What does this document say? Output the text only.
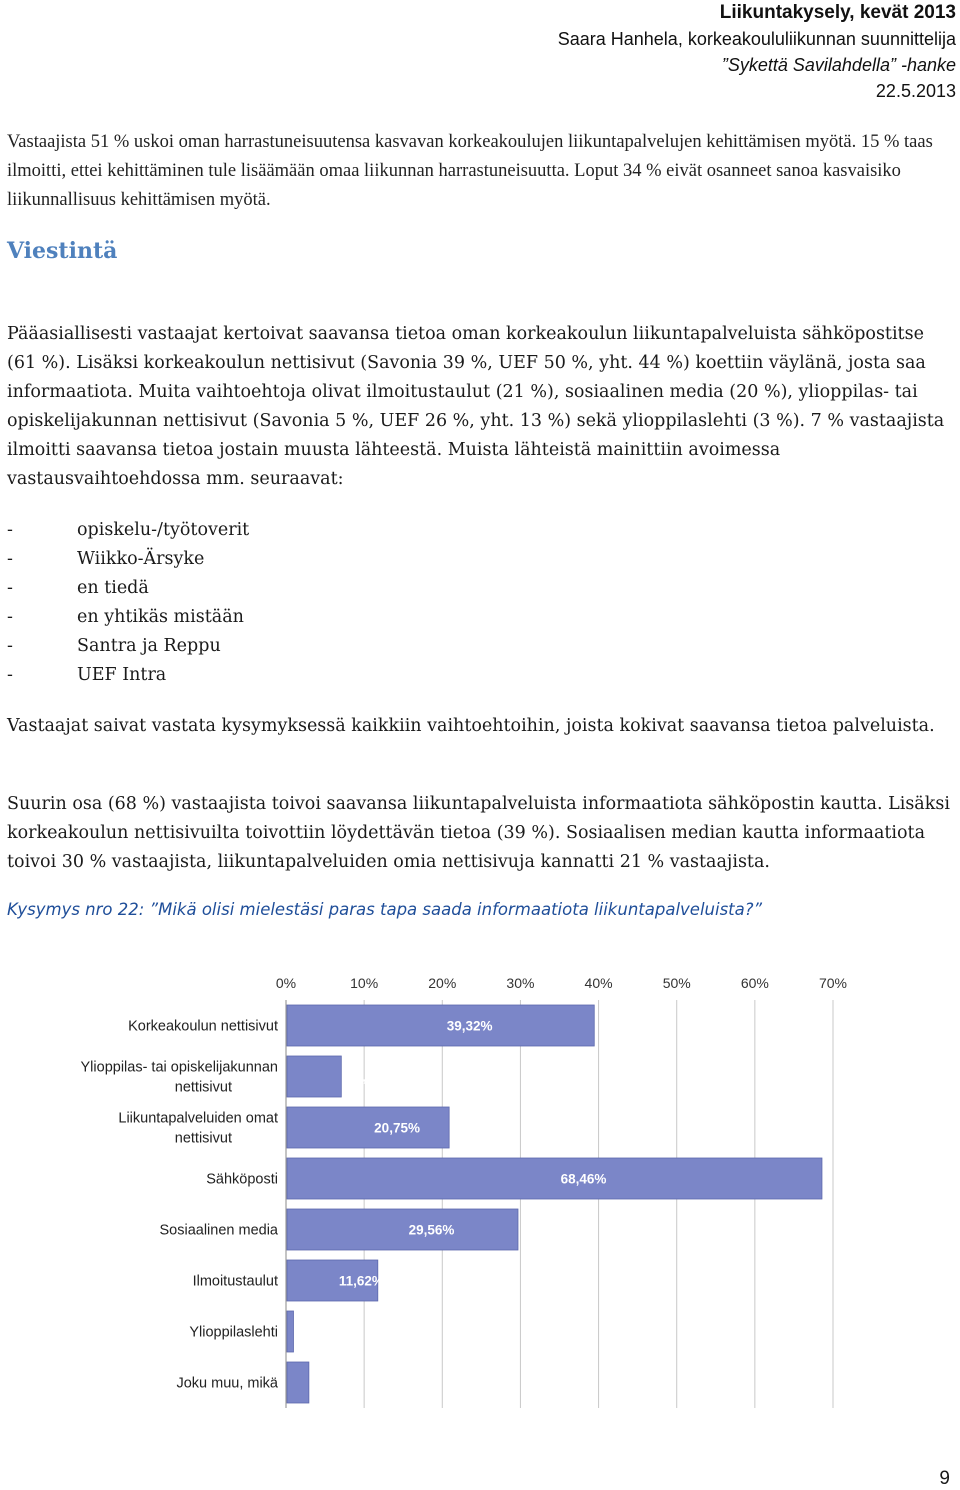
Liikuntakysely, kevät 2013
Saara Hanhela, korkeakoululiikunnan suunnittelija
”Sykettä Savilahdella” -hanke
22.5.2013
Vastaajista 51 % uskoi oman harrastuneisuutensa kasvavan korkeakoulujen liikuntapalvelujen kehittämisen myötä. 15 % taas ilmoitti, ettei kehittäminen tule lisäämään omaa liikunnan harrastuneisuutta. Loput 34 % eivät osanneet sanoa kasvaisiko liikunnallisuus kehittämisen myötä.
Viestintä
Pääasiallisesti vastaajat kertoivat saavansa tietoa oman korkeakoulun liikuntapalveluista sähköpostitse (61 %). Lisäksi korkeakoulun nettisivut (Savonia 39 %, UEF 50 %, yht. 44 %) koettiin väylänä, josta saa informaatiota. Muita vaihtoehtoja olivat ilmoitustaulut (21 %), sosiaalinen media (20 %), ylioppilas- tai opiskelijakunnan nettisivut (Savonia 5 %, UEF 26 %, yht. 13 %) sekä ylioppilaslehti (3 %). 7 % vastaajista ilmoitti saavansa tietoa jostain muusta lähteestä. Muista lähteistä mainittiin avoimessa vastausvaihtoehdossa mm. seuraavat:
-	opiskelu-/työtoverit
-	Wiikko-Ärsyke
-	en tiedä
-	en yhtikäs mistään
-	Santra ja Reppu
-	UEF Intra
Vastaajat saivat vastata kysymyksessä kaikkiin vaihtoehtoihin, joista kokivat saavansa tietoa palveluista.
Suurin osa (68 %) vastaajista toivoi saavansa liikuntapalveluista informaatiota sähköpostin kautta. Lisäksi korkeakoulun nettisivuilta toivottiin löydettävän tietoa (39 %). Sosiaalisen median kautta informaatiota toivoi 30 % vastaajista, liikuntapalveluiden omia nettisivuja kannatti 21 % vastaajista.
Kysymys nro 22: ”Mikä olisi mielestäsi paras tapa saada informaatiota liikuntapalveluista?”
0%	10%	20%	30%	40%	50%	60%	70%
Korkeakoulun nettisivut	39,32%
Ylioppilas- tai opiskelijakunnan nettisivut
6,95%
Liikuntapalveluiden omat nettisivut
20,75%
Sähköposti	68,46%
Sosiaalinen media	29,56%
Ilmoitustaulut	11,62%
Ylioppilaslehti 0,83%
Joku muu, mikä	2,8%
9
